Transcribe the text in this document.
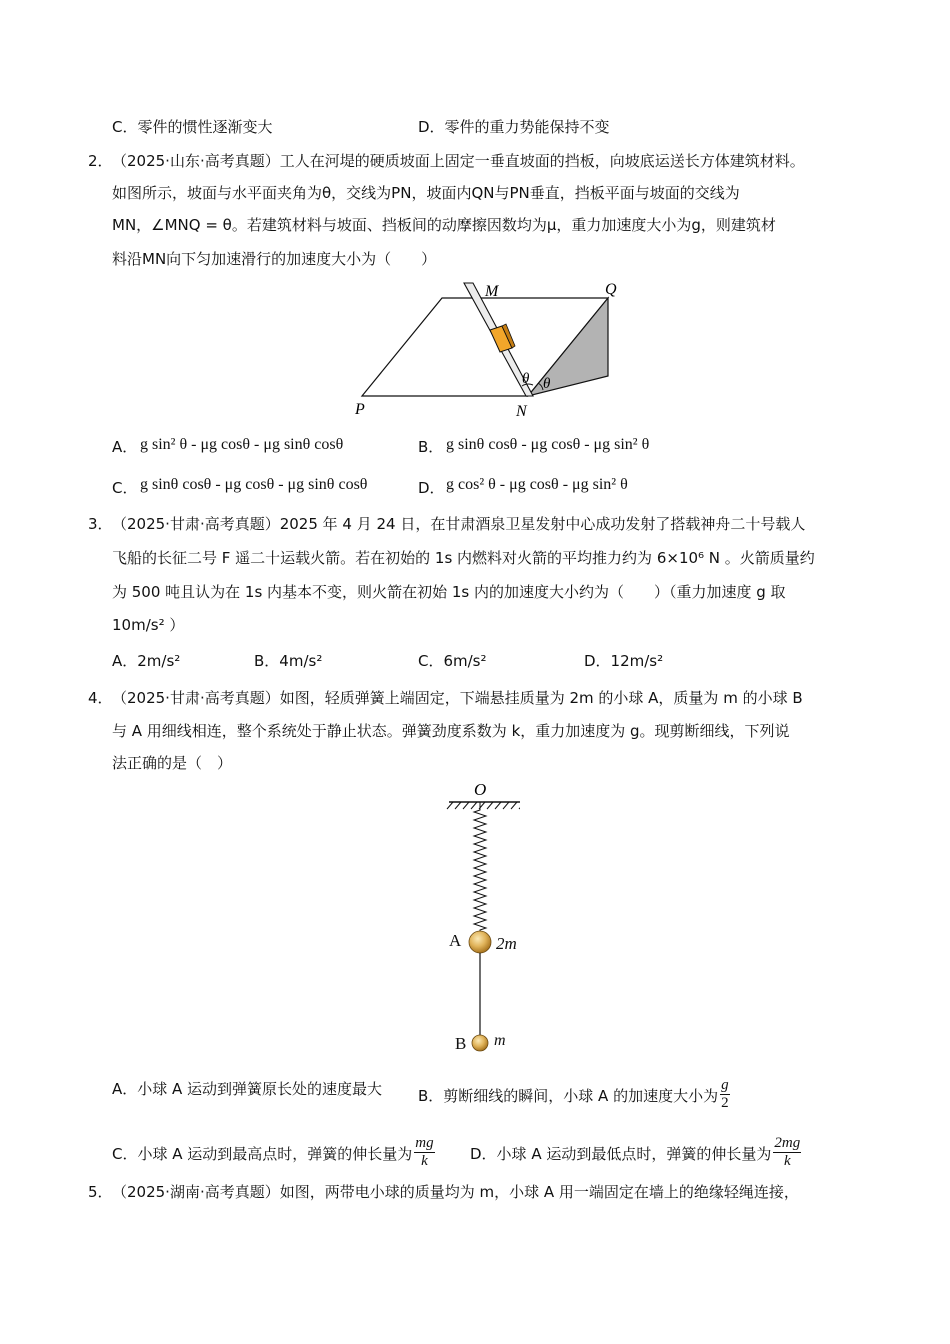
C．零件的惯性逐渐变大	D．零件的重力势能保持不变
2． （2025·山东·高考真题）工人在河堤的硬质坡面上固定一垂直坡面的挡板，向坡底运送长方体建筑材料。
如图所示，坡面与水平面夹角为θ，交线为PN，坡面内QN与PN垂直，挡板平面与坡面的交线为
MN，∠MNQ = θ。若建筑材料与坡面、挡板间的动摩擦因数均为μ，重力加速度大小为g，则建筑材
料沿MN向下匀加速滑行的加速度大小为（　　）
M	Q
P	N
θ θ
A． g sin² θ - μg cosθ - μg sinθ cosθ	B． g sinθ cosθ - μg cosθ - μg sin² θ
C． g sinθ cosθ - μg cosθ - μg sinθ cosθ	D． g cos² θ - μg cosθ - μg sin² θ
3． （2025·甘肃·高考真题）2025 年 4 月 24 日，在甘肃酒泉卫星发射中心成功发射了搭载神舟二十号载人
飞船的长征二号 F 遥二十运载火箭。若在初始的 1s 内燃料对火箭的平均推力约为 6×10⁶ N 。火箭质量约
为 500 吨且认为在 1s 内基本不变，则火箭在初始 1s 内的加速度大小约为（　　）（重力加速度 g 取
10m/s² ）
A．2m/s²	B．4m/s²	C．6m/s²	D．12m/s²
4． （2025·甘肃·高考真题）如图，轻质弹簧上端固定，下端悬挂质量为 2m 的小球 A，质量为 m 的小球 B
与 A 用细线相连，整个系统处于静止状态。弹簧劲度系数为 k，重力加速度为 g。现剪断细线，下列说
法正确的是（　）
O
A 2m
B m
A．小球 A 运动到弹簧原长处的速度最大 B．剪断细线的瞬间，小球 A 的加速度大小为 $\frac{g}{2}$
C．小球 A 运动到最高点时，弹簧的伸长量为 $\frac{mg}{k}$ D．小球 A 运动到最低点时，弹簧的伸长量为 $\frac{2mg}{k}$
5． （2025·湖南·高考真题）如图，两带电小球的质量均为 m，小球 A 用一端固定在墙上的绝缘轻绳连接，
